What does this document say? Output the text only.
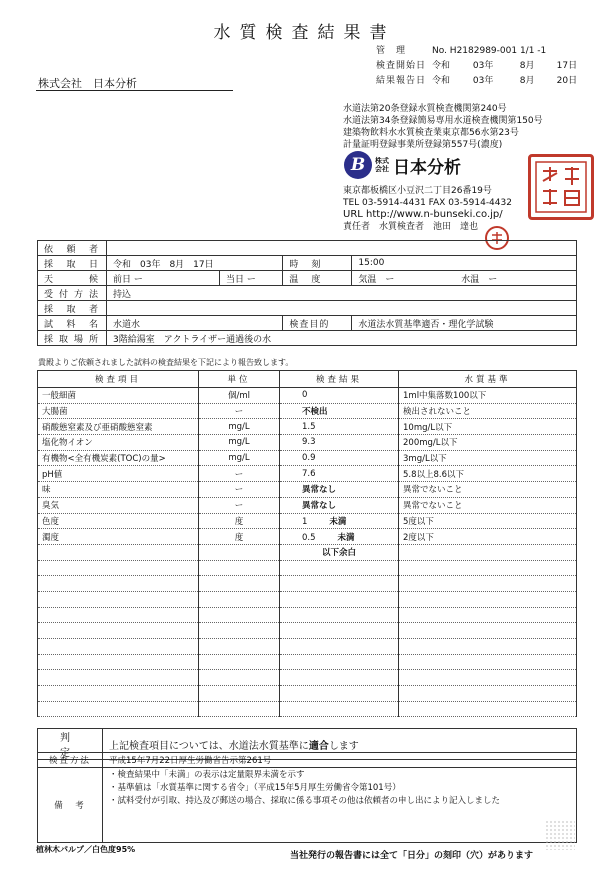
水質検査結果書
管　理	No. H2182989-001 1/1 -1
検査開始日 令和	03年	8月 17日
結果報告日 令和	03年	8月 20日
株式会社　日本分析
水道法第20条登録水質検査機関第240号
水道法第34条登録簡易専用水道検査機関第150号
建築物飲料水水質検査業東京都56水第23号
計量証明登録事業所登録第557号(濃度)
B	株式会社 日本分析
東京都板橋区小豆沢二丁目26番19号
TEL 03-5914-4431 FAX 03-5914-4432
URL http://www.n-bunseki.co.jp/
責任者　水質検査者　池田　達也
依頼者				
採取日	令和　03年　8月　17日		時　刻	15:00
天候	前日 ー	当日 ー	温　度	気温　ー 水温　ー
受付方法	持込			
採取者				
試料名	水道水		検査目的	水道法水質基準適否・理化学試験
採取場所	3階給湯室　アクトライザー通過後の水			
貴殿よりご依頼されました試料の検査結果を下記により報告致します。
検査項目	単位	検査結果	水質基準
一般細菌	個/ml	0	1ml中集落数100以下
大腸菌	ー	不検出	検出されないこと
硝酸態窒素及び亜硝酸態窒素	mg/L	1.5	10mg/L以下
塩化物イオン	mg/L	9.3	200mg/L以下
有機物<全有機炭素(TOC)の量>	mg/L	0.9	3mg/L以下
pH値	ー	7.6	5.8以上8.6以下
味	ー	異常なし	異常でないこと
臭気	ー	異常なし	異常でないこと
色度	度	1 未満	5度以下
濁度	度	0.5 未満	2度以下
		以下余白	

判　定	上記検査項目については、水道法水質基準に適合します
検査方法	平成15年7月22日厚生労働省告示第261号
備　考	・検査結果中「未満」の表示は定量限界未満を示す
・基準値は「水質基準に関する省令」（平成15年5月厚生労働省令第101号）
・試料受付が引取、持込及び郵送の場合、採取に係る事項その他は依頼者の申し出により記入しました
植林木パルプ／白色度95%
当社発行の報告書には全て「日分」の刻印（穴）があります
